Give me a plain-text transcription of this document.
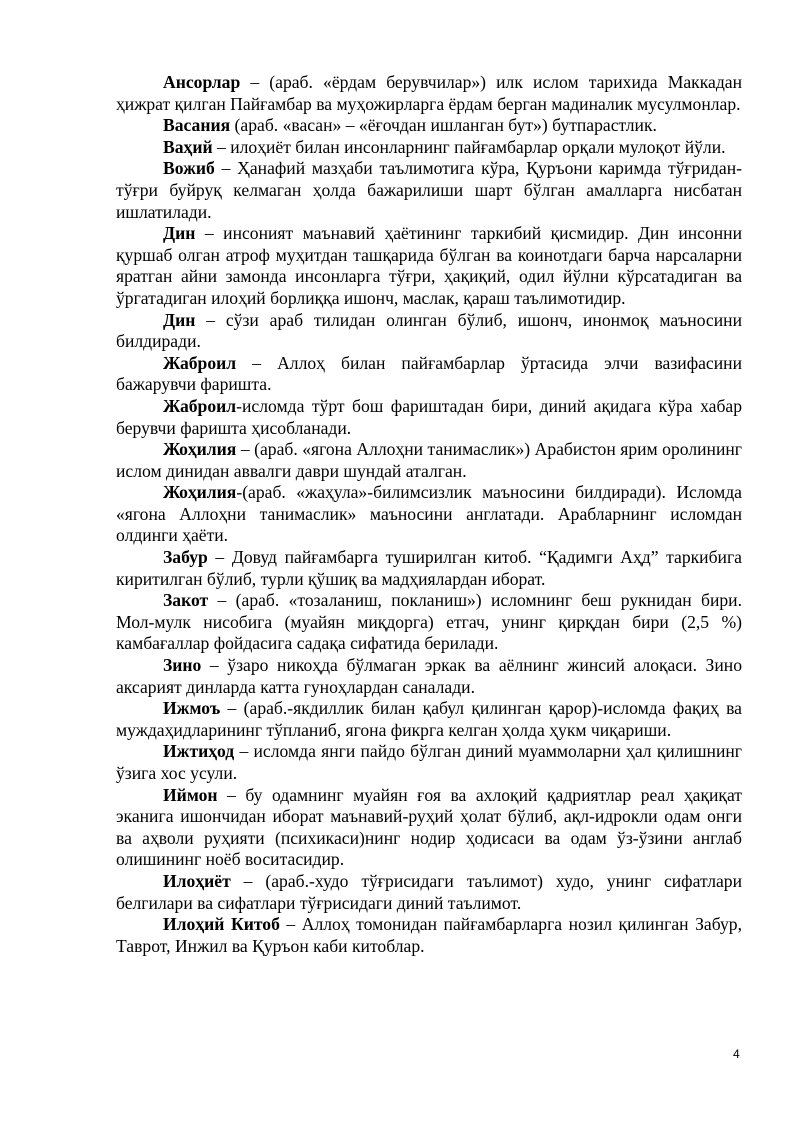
Ансорлар – (араб. «ёрдам берувчилар») илк ислом тарихида Маккадан ҳижрат қилган Пайғамбар ва муҳожирларга ёрдам берган мадиналик мусулмонлар.

Васания (араб. «васан» – «ёғочдан ишланган бут») бутпарастлик.

Ваҳий – илоҳиёт билан инсонларнинг пайғамбарлар орқали мулоқот йўли.

Вожиб – Ҳанафий мазҳаби таълимотига кўра, Қуръони каримда тўғридан-тўғри буйруқ келмаган ҳолда бажарилиши шарт бўлган амалларга нисбатан ишлатилади.

Дин – инсоният маънавий ҳаётининг таркибий қисмидир. Дин инсонни қуршаб олган атроф муҳитдан ташқарида бўлган ва коинотдаги барча нарсаларни яратган айни замонда инсонларга тўғри, ҳақиқий, одил йўлни кўрсатадиган ва ўргатадиган илоҳий борлиққа ишонч, маслак, қараш таълимотидир.

Дин – сўзи араб тилидан олинган бўлиб, ишонч, инонмоқ маъносини билдиради.

Жаброил – Аллоҳ билан пайғамбарлар ўртасида элчи вазифасини бажарувчи фаришта.

Жаброил-исломда тўрт бош фариштадан бири, диний ақидага кўра хабар берувчи фаришта ҳисобланади.

Жоҳилия – (араб. «ягона Аллоҳни танимаслик») Арабистон ярим оролининг ислом динидан аввалги даври шундай аталган.

Жоҳилия-(араб. «жаҳула»-билимсизлик маъносини билдиради). Исломда «ягона Аллоҳни танимаслик» маъносини англатади. Арабларнинг исломдан олдинги ҳаёти.

Забур – Довуд пайғамбарга туширилган китоб. “Қадимги Аҳд” таркибига киритилган бўлиб, турли қўшиқ ва мадҳиялардан иборат.

Закот – (араб. «тозаланиш, покланиш») исломнинг беш рукнидан бири. Мол-мулк нисобига (муайян миқдорга) етгач, унинг қирқдан бири (2,5 %) камбағаллар фойдасига садақа сифатида берилади.

Зино – ўзаро никоҳда бўлмаган эркак ва аёлнинг жинсий алоқаси. Зино аксарият динларда катта гуноҳлардан саналади.

Ижмоъ – (араб.-якдиллик билан қабул қилинган қарор)-исломда фақиҳ ва муждаҳидларининг тўпланиб, ягона фикрга келган ҳолда ҳукм чиқариши.

Ижтиҳод – исломда янги пайдо бўлган диний муаммоларни ҳал қилишнинг ўзига хос усули.

Иймон – бу одамнинг муайян ғоя ва ахлоқий қадриятлар реал ҳақиқат эканига ишончидан иборат маънавий-руҳий ҳолат бўлиб, ақл-идрокли одам онги ва аҳволи руҳияти (психикаси)нинг нодир ҳодисаси ва одам ўз-ўзини англаб олишининг ноёб воситасидир.

Илоҳиёт – (араб.-худо тўғрисидаги таълимот) худо, унинг сифатлари белгилари ва сифатлари тўғрисидаги диний таълимот.

Илоҳий Китоб – Аллоҳ томонидан пайғамбарларга нозил қилинган Забур, Таврот, Инжил ва Қуръон каби китоблар.

4
